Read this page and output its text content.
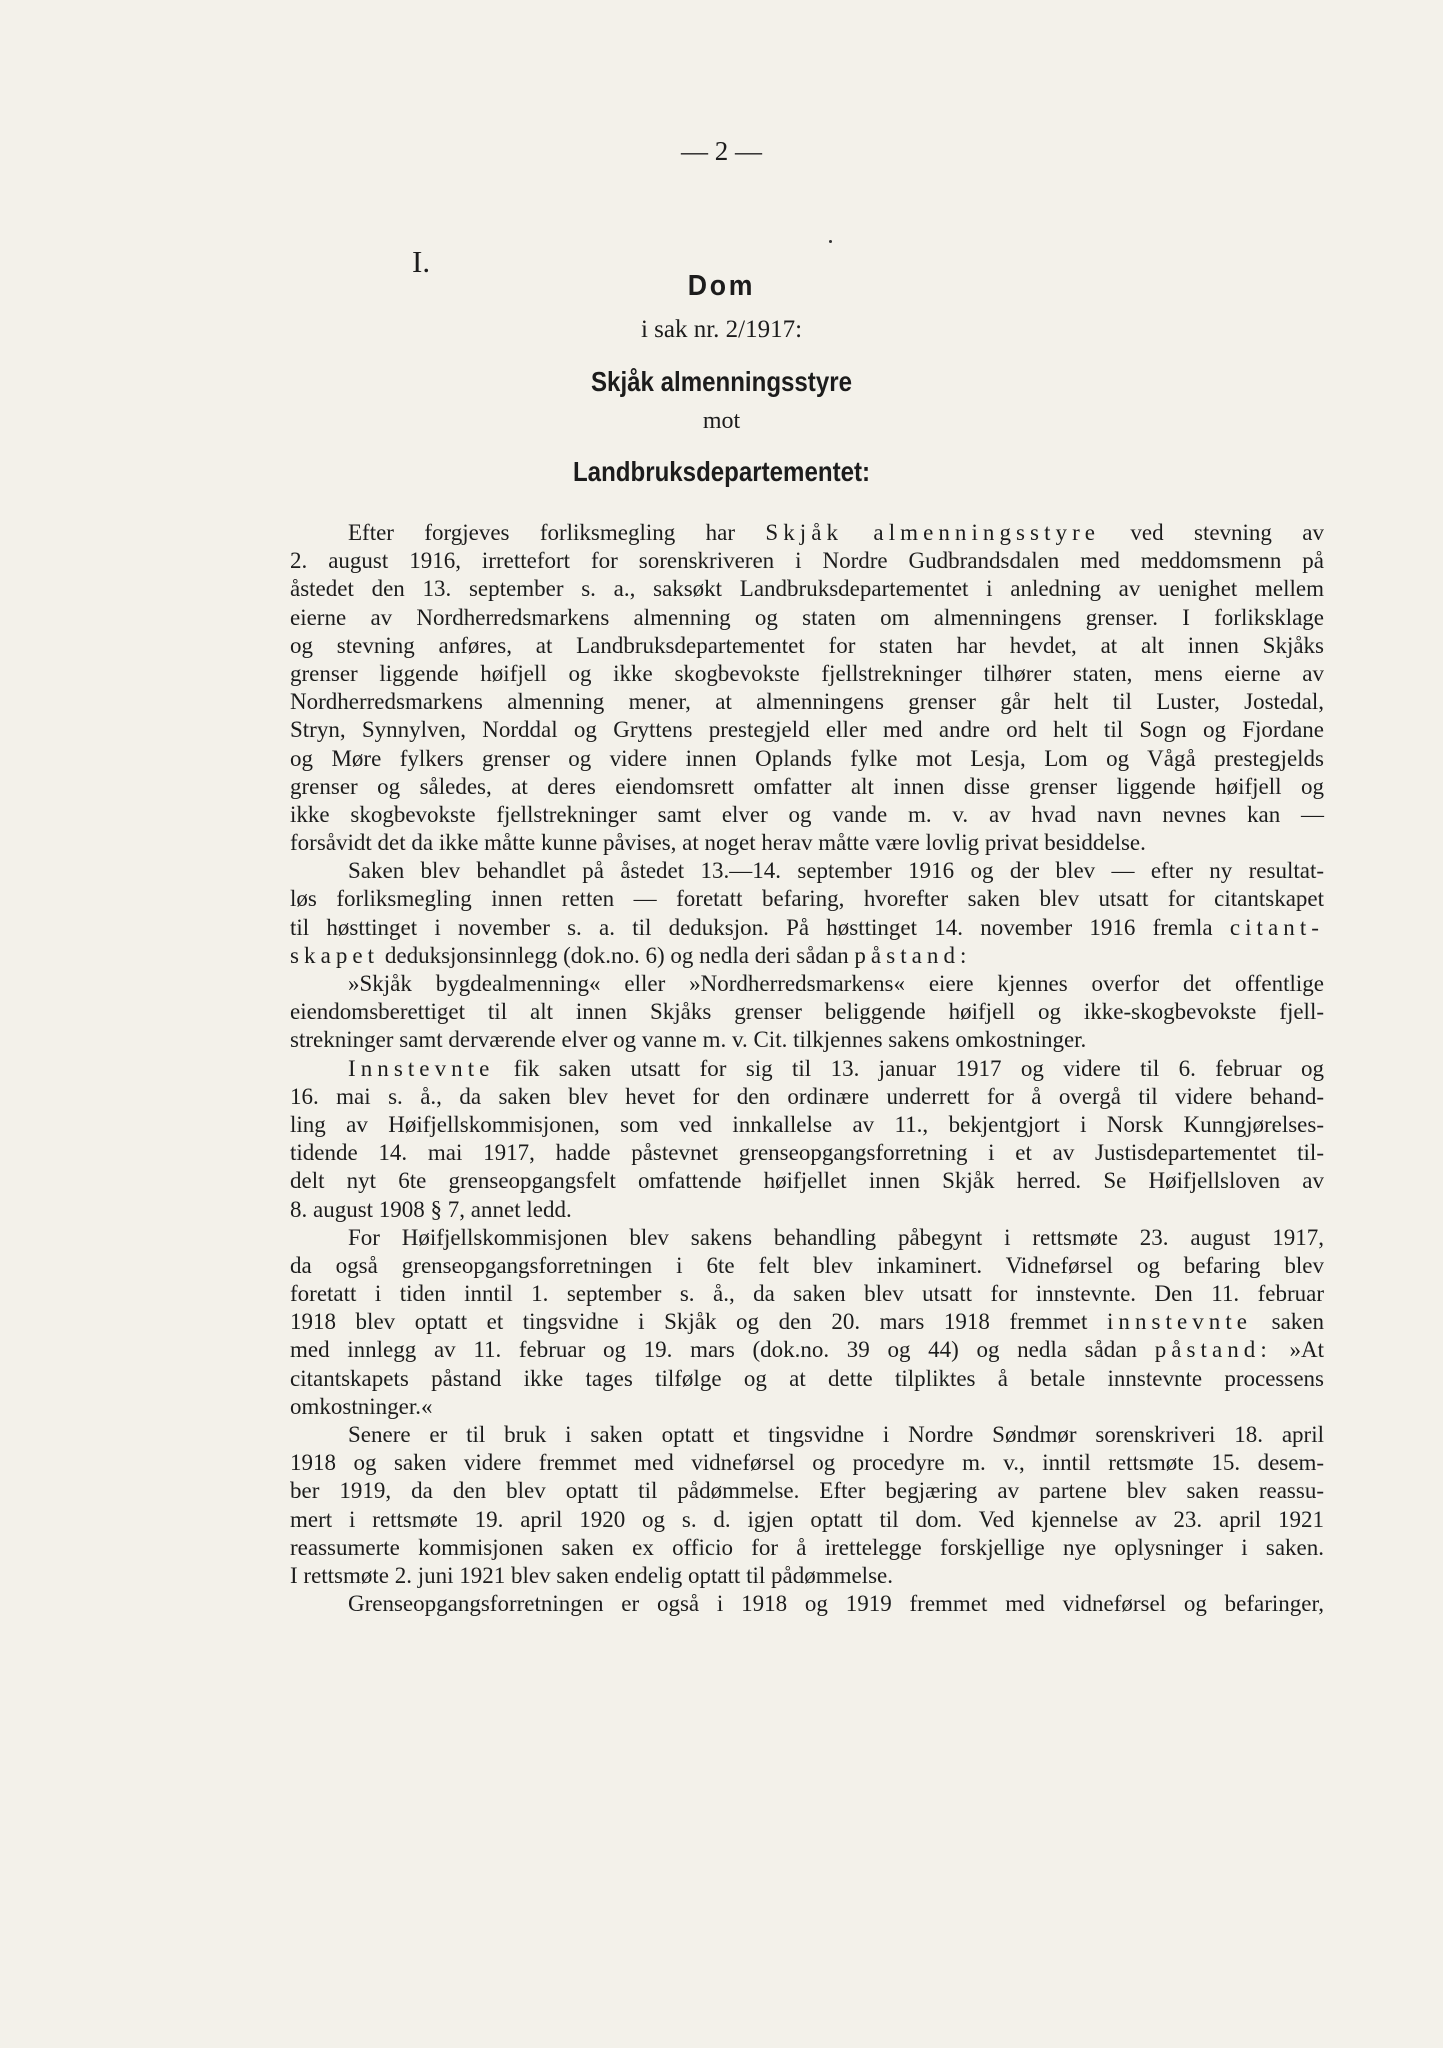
— 2 —
I.
Dom
i sak nr. 2/1917:
Skjåk almenningsstyre
mot
Landbruksdepartementet:
Efter forgjeves forliksmegling har Skjåk almenningsstyre ved stevning av
2. august 1916, irrettefort for sorenskriveren i Nordre Gudbrandsdalen med meddomsmenn på
åstedet den 13. september s. a., saksøkt Landbruksdepartementet i anledning av uenighet mellem
eierne av Nordherredsmarkens almenning og staten om almenningens grenser. I forliksklage
og stevning anføres, at Landbruksdepartementet for staten har hevdet, at alt innen Skjåks
grenser liggende høifjell og ikke skogbevokste fjellstrekninger tilhører staten, mens eierne av
Nordherredsmarkens almenning mener, at almenningens grenser går helt til Luster, Jostedal,
Stryn, Synnylven, Norddal og Gryttens prestegjeld eller med andre ord helt til Sogn og Fjordane
og Møre fylkers grenser og videre innen Oplands fylke mot Lesja, Lom og Vågå prestegjelds
grenser og således, at deres eiendomsrett omfatter alt innen disse grenser liggende høifjell og
ikke skogbevokste fjellstrekninger samt elver og vande m. v. av hvad navn nevnes kan —
forsåvidt det da ikke måtte kunne påvises, at noget herav måtte være lovlig privat besiddelse.
Saken blev behandlet på åstedet 13.—14. september 1916 og der blev — efter ny resultat-
løs forliksmegling innen retten — foretatt befaring, hvorefter saken blev utsatt for citantskapet
til høsttinget i november s. a. til deduksjon. På høsttinget 14. november 1916 fremla citant-
skapet deduksjonsinnlegg (dok.no. 6) og nedla deri sådan påstand:
»Skjåk bygdealmenning« eller »Nordherredsmarkens« eiere kjennes overfor det offentlige
eiendomsberettiget til alt innen Skjåks grenser beliggende høifjell og ikke-skogbevokste fjell-
strekninger samt derværende elver og vanne m. v. Cit. tilkjennes sakens omkostninger.
Innstevnte fik saken utsatt for sig til 13. januar 1917 og videre til 6. februar og
16. mai s. å., da saken blev hevet for den ordinære underrett for å overgå til videre behand-
ling av Høifjellskommisjonen, som ved innkallelse av 11., bekjentgjort i Norsk Kunngjørelses-
tidende 14. mai 1917, hadde påstevnet grenseopgangsforretning i et av Justisdepartementet til-
delt nyt 6te grenseopgangsfelt omfattende høifjellet innen Skjåk herred. Se Høifjellsloven av
8. august 1908 § 7, annet ledd.
For Høifjellskommisjonen blev sakens behandling påbegynt i rettsmøte 23. august 1917,
da også grenseopgangsforretningen i 6te felt blev inkaminert. Vidneførsel og befaring blev
foretatt i tiden inntil 1. september s. å., da saken blev utsatt for innstevnte. Den 11. februar
1918 blev optatt et tingsvidne i Skjåk og den 20. mars 1918 fremmet innstevnte saken
med innlegg av 11. februar og 19. mars (dok.no. 39 og 44) og nedla sådan påstand: »At
citantskapets påstand ikke tages tilfølge og at dette tilpliktes å betale innstevnte processens
omkostninger.«
Senere er til bruk i saken optatt et tingsvidne i Nordre Søndmør sorenskriveri 18. april
1918 og saken videre fremmet med vidneførsel og procedyre m. v., inntil rettsmøte 15. desem-
ber 1919, da den blev optatt til pådømmelse. Efter begjæring av partene blev saken reassu-
mert i rettsmøte 19. april 1920 og s. d. igjen optatt til dom. Ved kjennelse av 23. april 1921
reassumerte kommisjonen saken ex officio for å irettelegge forskjellige nye oplysninger i saken.
I rettsmøte 2. juni 1921 blev saken endelig optatt til pådømmelse.
Grenseopgangsforretningen er også i 1918 og 1919 fremmet med vidneførsel og befaringer,
